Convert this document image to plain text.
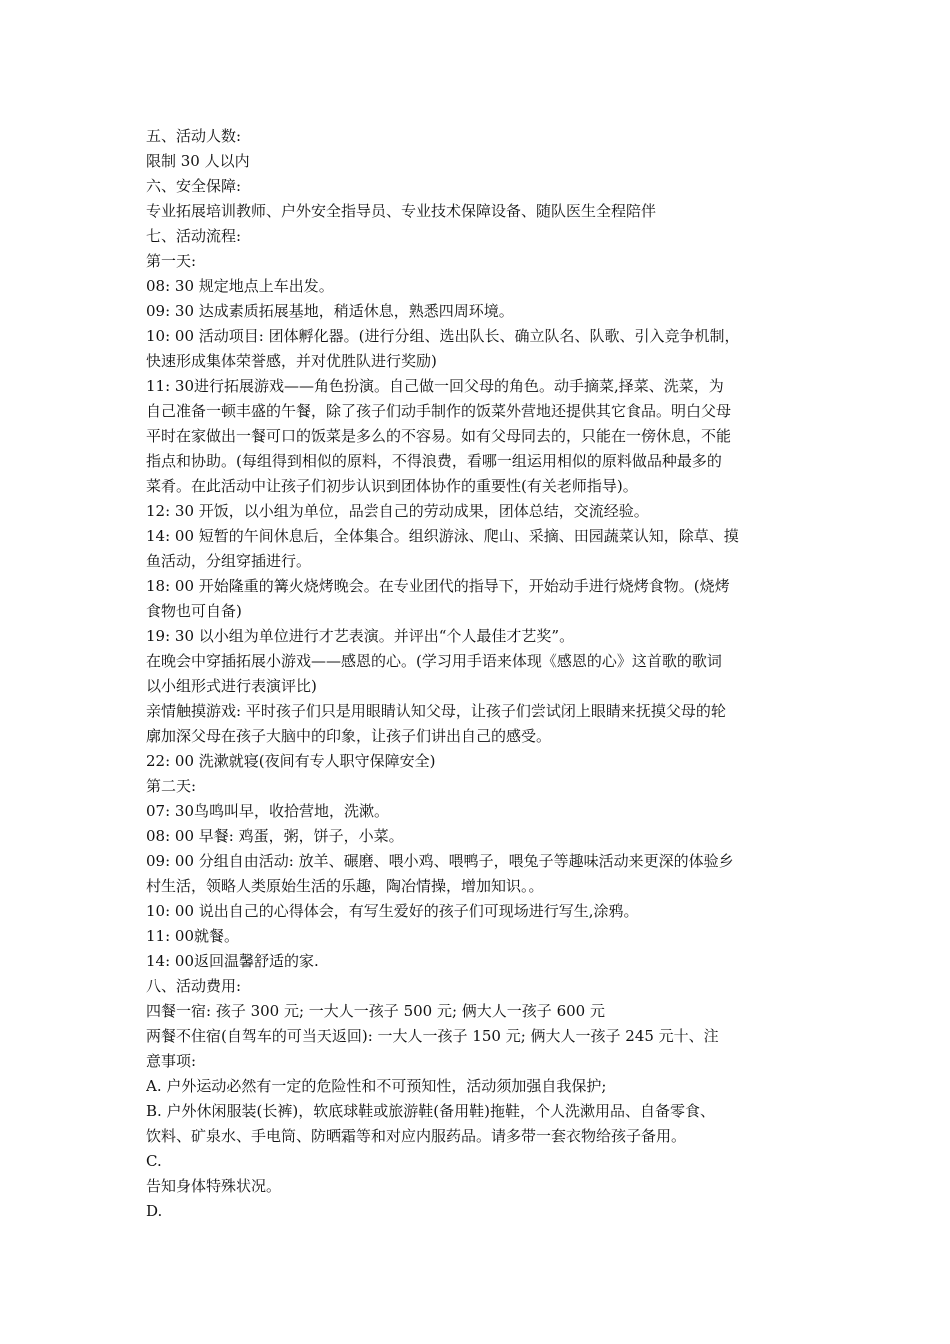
五、活动人数:
限制 30 人以内
六、安全保障:
专业拓展培训教师、户外安全指导员、专业技术保障设备、随队医生全程陪伴
七、活动流程:
第一天:
08: 30 规定地点上车出发。
09: 30 达成素质拓展基地，稍适休息，熟悉四周环境。
10: 00 活动项目: 团体孵化器。(进行分组、选出队长、确立队名、队歌、引入竞争机制，
快速形成集体荣誉感，并对优胜队进行奖励)
11: 30进行拓展游戏——角色扮演。自己做一回父母的角色。动手摘菜,择菜、洗菜，为
自己准备一顿丰盛的午餐，除了孩子们动手制作的饭菜外营地还提供其它食品。明白父母
平时在家做出一餐可口的饭菜是多么的不容易。如有父母同去的，只能在一傍休息，不能
指点和协助。(每组得到相似的原料，不得浪费，看哪一组运用相似的原料做品种最多的
菜肴。在此活动中让孩子们初步认识到团体协作的重要性(有关老师指导)。
12: 30 开饭，以小组为单位，品尝自己的劳动成果，团体总结，交流经验。
14: 00 短暂的午间休息后，全体集合。组织游泳、爬山、采摘、田园蔬菜认知，除草、摸
鱼活动，分组穿插进行。
18: 00 开始隆重的篝火烧烤晚会。在专业团代的指导下，开始动手进行烧烤食物。(烧烤
食物也可自备)
19: 30 以小组为单位进行才艺表演。并评出“个人最佳才艺奖”。
在晚会中穿插拓展小游戏——感恩的心。(学习用手语来体现《感恩的心》这首歌的歌词
以小组形式进行表演评比)
亲情触摸游戏: 平时孩子们只是用眼睛认知父母，让孩子们尝试闭上眼睛来抚摸父母的轮
廓加深父母在孩子大脑中的印象，让孩子们讲出自己的感受。
22: 00 洗漱就寝(夜间有专人职守保障安全)
第二天:
07: 30鸟鸣叫早，收拾营地，洗漱。
08: 00 早餐: 鸡蛋，粥，饼子，小菜。
09: 00 分组自由活动: 放羊、碾磨、喂小鸡、喂鸭子，喂兔子等趣味活动来更深的体验乡
村生活，领略人类原始生活的乐趣，陶冶情操，增加知识。。
10: 00 说出自己的心得体会，有写生爱好的孩子们可现场进行写生,涂鸦。
11: 00就餐。
14: 00返回温馨舒适的家.
八、活动费用:
四餐一宿: 孩子 300 元; 一大人一孩子 500 元; 俩大人一孩子 600 元
两餐不住宿(自驾车的可当天返回): 一大人一孩子 150 元; 俩大人一孩子 245 元十、注
意事项:
A. 户外运动必然有一定的危险性和不可预知性，活动须加强自我保护;
B. 户外休闲服装(长裤)，软底球鞋或旅游鞋(备用鞋)拖鞋，个人洗漱用品、自备零食、
饮料、矿泉水、手电筒、防晒霜等和对应内服药品。请多带一套衣物给孩子备用。
C.
告知身体特殊状况。
D.
